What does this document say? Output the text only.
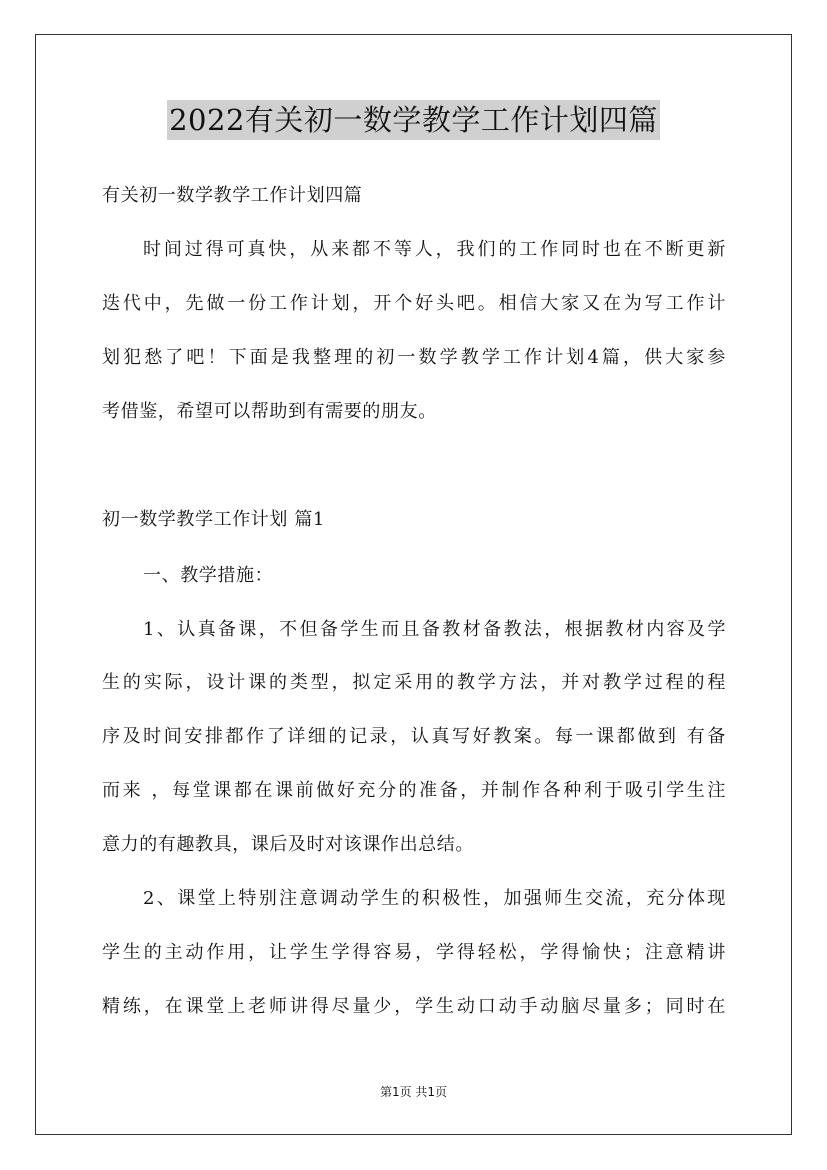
2022有关初一数学教学工作计划四篇
有关初一数学教学工作计划四篇
时间过得可真快，从来都不等人，我们的工作同时也在不断更新
迭代中，先做一份工作计划，开个好头吧。相信大家又在为写工作计
划犯愁了吧！下面是我整理的初一数学教学工作计划4篇，供大家参
考借鉴，希望可以帮助到有需要的朋友。
初一数学教学工作计划 篇1
一、教学措施：
1、认真备课，不但备学生而且备教材备教法，根据教材内容及学
生的实际，设计课的类型，拟定采用的教学方法，并对教学过程的程
序及时间安排都作了详细的记录，认真写好教案。每一课都做到 有备
而来 ，每堂课都在课前做好充分的准备，并制作各种利于吸引学生注
意力的有趣教具，课后及时对该课作出总结。
2、课堂上特别注意调动学生的积极性，加强师生交流，充分体现
学生的主动作用，让学生学得容易，学得轻松，学得愉快；注意精讲
精练，在课堂上老师讲得尽量少，学生动口动手动脑尽量多；同时在
第1页 共1页
